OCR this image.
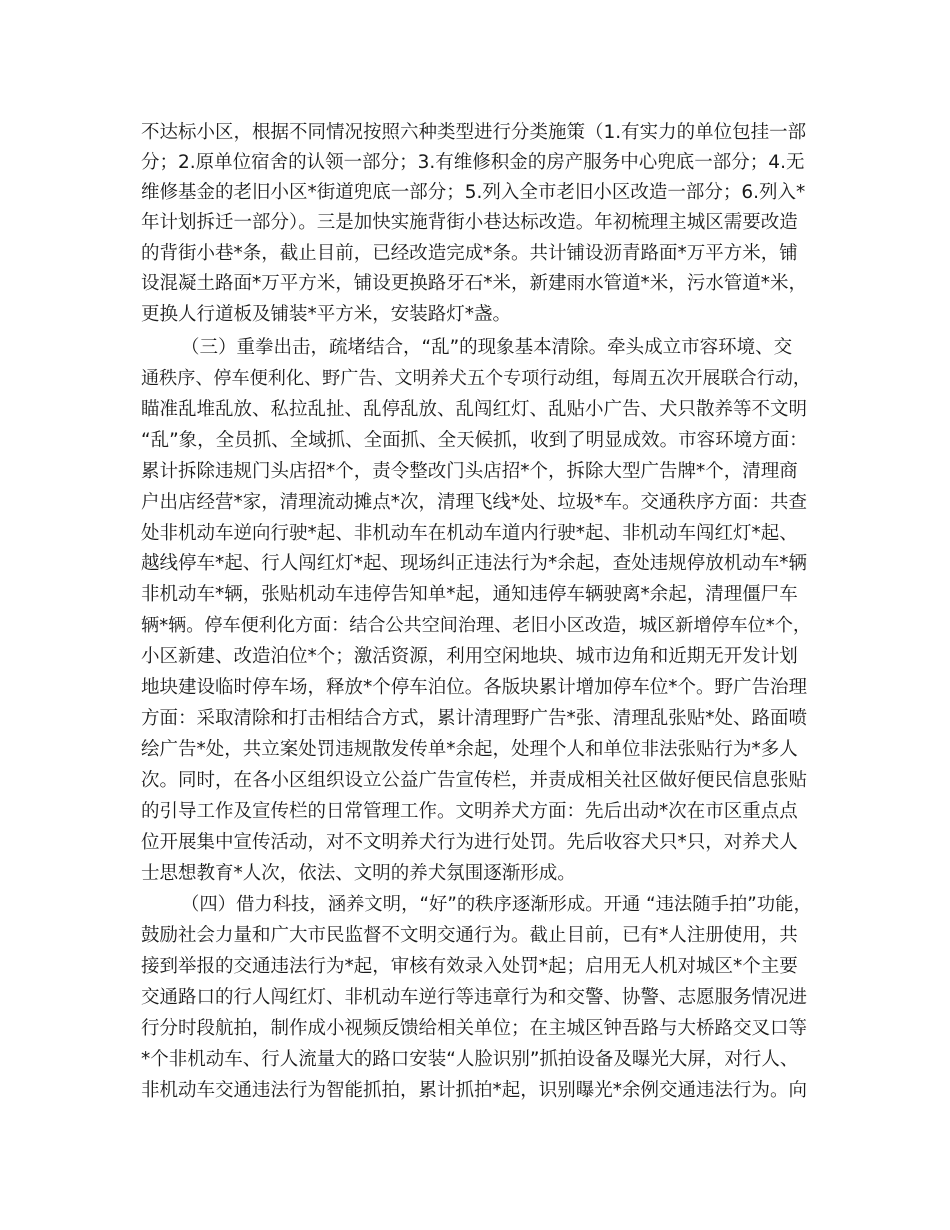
不达标小区，根据不同情况按照六种类型进行分类施策（1.有实力的单位包挂一部
分；2.原单位宿舍的认领一部分；3.有维修积金的房产服务中心兜底一部分；4.无
维修基金的老旧小区*街道兜底一部分；5.列入全市老旧小区改造一部分；6.列入*
年计划拆迁一部分）。三是加快实施背街小巷达标改造。年初梳理主城区需要改造
的背街小巷*条，截止目前，已经改造完成*条。共计铺设沥青路面*万平方米，铺
设混凝土路面*万平方米，铺设更换路牙石*米，新建雨水管道*米，污水管道*米，
更换人行道板及铺装*平方米，安装路灯*盏。
（三）重拳出击，疏堵结合，“乱”的现象基本清除。牵头成立市容环境、交
通秩序、停车便利化、野广告、文明养犬五个专项行动组，每周五次开展联合行动，
瞄准乱堆乱放、私拉乱扯、乱停乱放、乱闯红灯、乱贴小广告、犬只散养等不文明
“乱”象，全员抓、全域抓、全面抓、全天候抓，收到了明显成效。市容环境方面：
累计拆除违规门头店招*个，责令整改门头店招*个，拆除大型广告牌*个，清理商
户出店经营*家，清理流动摊点*次，清理飞线*处、垃圾*车。交通秩序方面：共查
处非机动车逆向行驶*起、非机动车在机动车道内行驶*起、非机动车闯红灯*起、
越线停车*起、行人闯红灯*起、现场纠正违法行为*余起，查处违规停放机动车*辆
非机动车*辆，张贴机动车违停告知单*起，通知违停车辆驶离*余起，清理僵尸车
辆*辆。停车便利化方面：结合公共空间治理、老旧小区改造，城区新增停车位*个，
小区新建、改造泊位*个；激活资源，利用空闲地块、城市边角和近期无开发计划
地块建设临时停车场，释放*个停车泊位。各版块累计增加停车位*个。野广告治理
方面：采取清除和打击相结合方式，累计清理野广告*张、清理乱张贴*处、路面喷
绘广告*处，共立案处罚违规散发传单*余起，处理个人和单位非法张贴行为*多人
次。同时，在各小区组织设立公益广告宣传栏，并责成相关社区做好便民信息张贴
的引导工作及宣传栏的日常管理工作。文明养犬方面：先后出动*次在市区重点点
位开展集中宣传活动，对不文明养犬行为进行处罚。先后收容犬只*只，对养犬人
士思想教育*人次，依法、文明的养犬氛围逐渐形成。
（四）借力科技，涵养文明，“好”的秩序逐渐形成。开通 “违法随手拍”功能，
鼓励社会力量和广大市民监督不文明交通行为。截止目前，已有*人注册使用，共
接到举报的交通违法行为*起，审核有效录入处罚*起；启用无人机对城区*个主要
交通路口的行人闯红灯、非机动车逆行等违章行为和交警、协警、志愿服务情况进
行分时段航拍，制作成小视频反馈给相关单位；在主城区钟吾路与大桥路交叉口等
*个非机动车、行人流量大的路口安装“人脸识别”抓拍设备及曝光大屏，对行人、
非机动车交通违法行为智能抓拍，累计抓拍*起，识别曝光*余例交通违法行为。向
